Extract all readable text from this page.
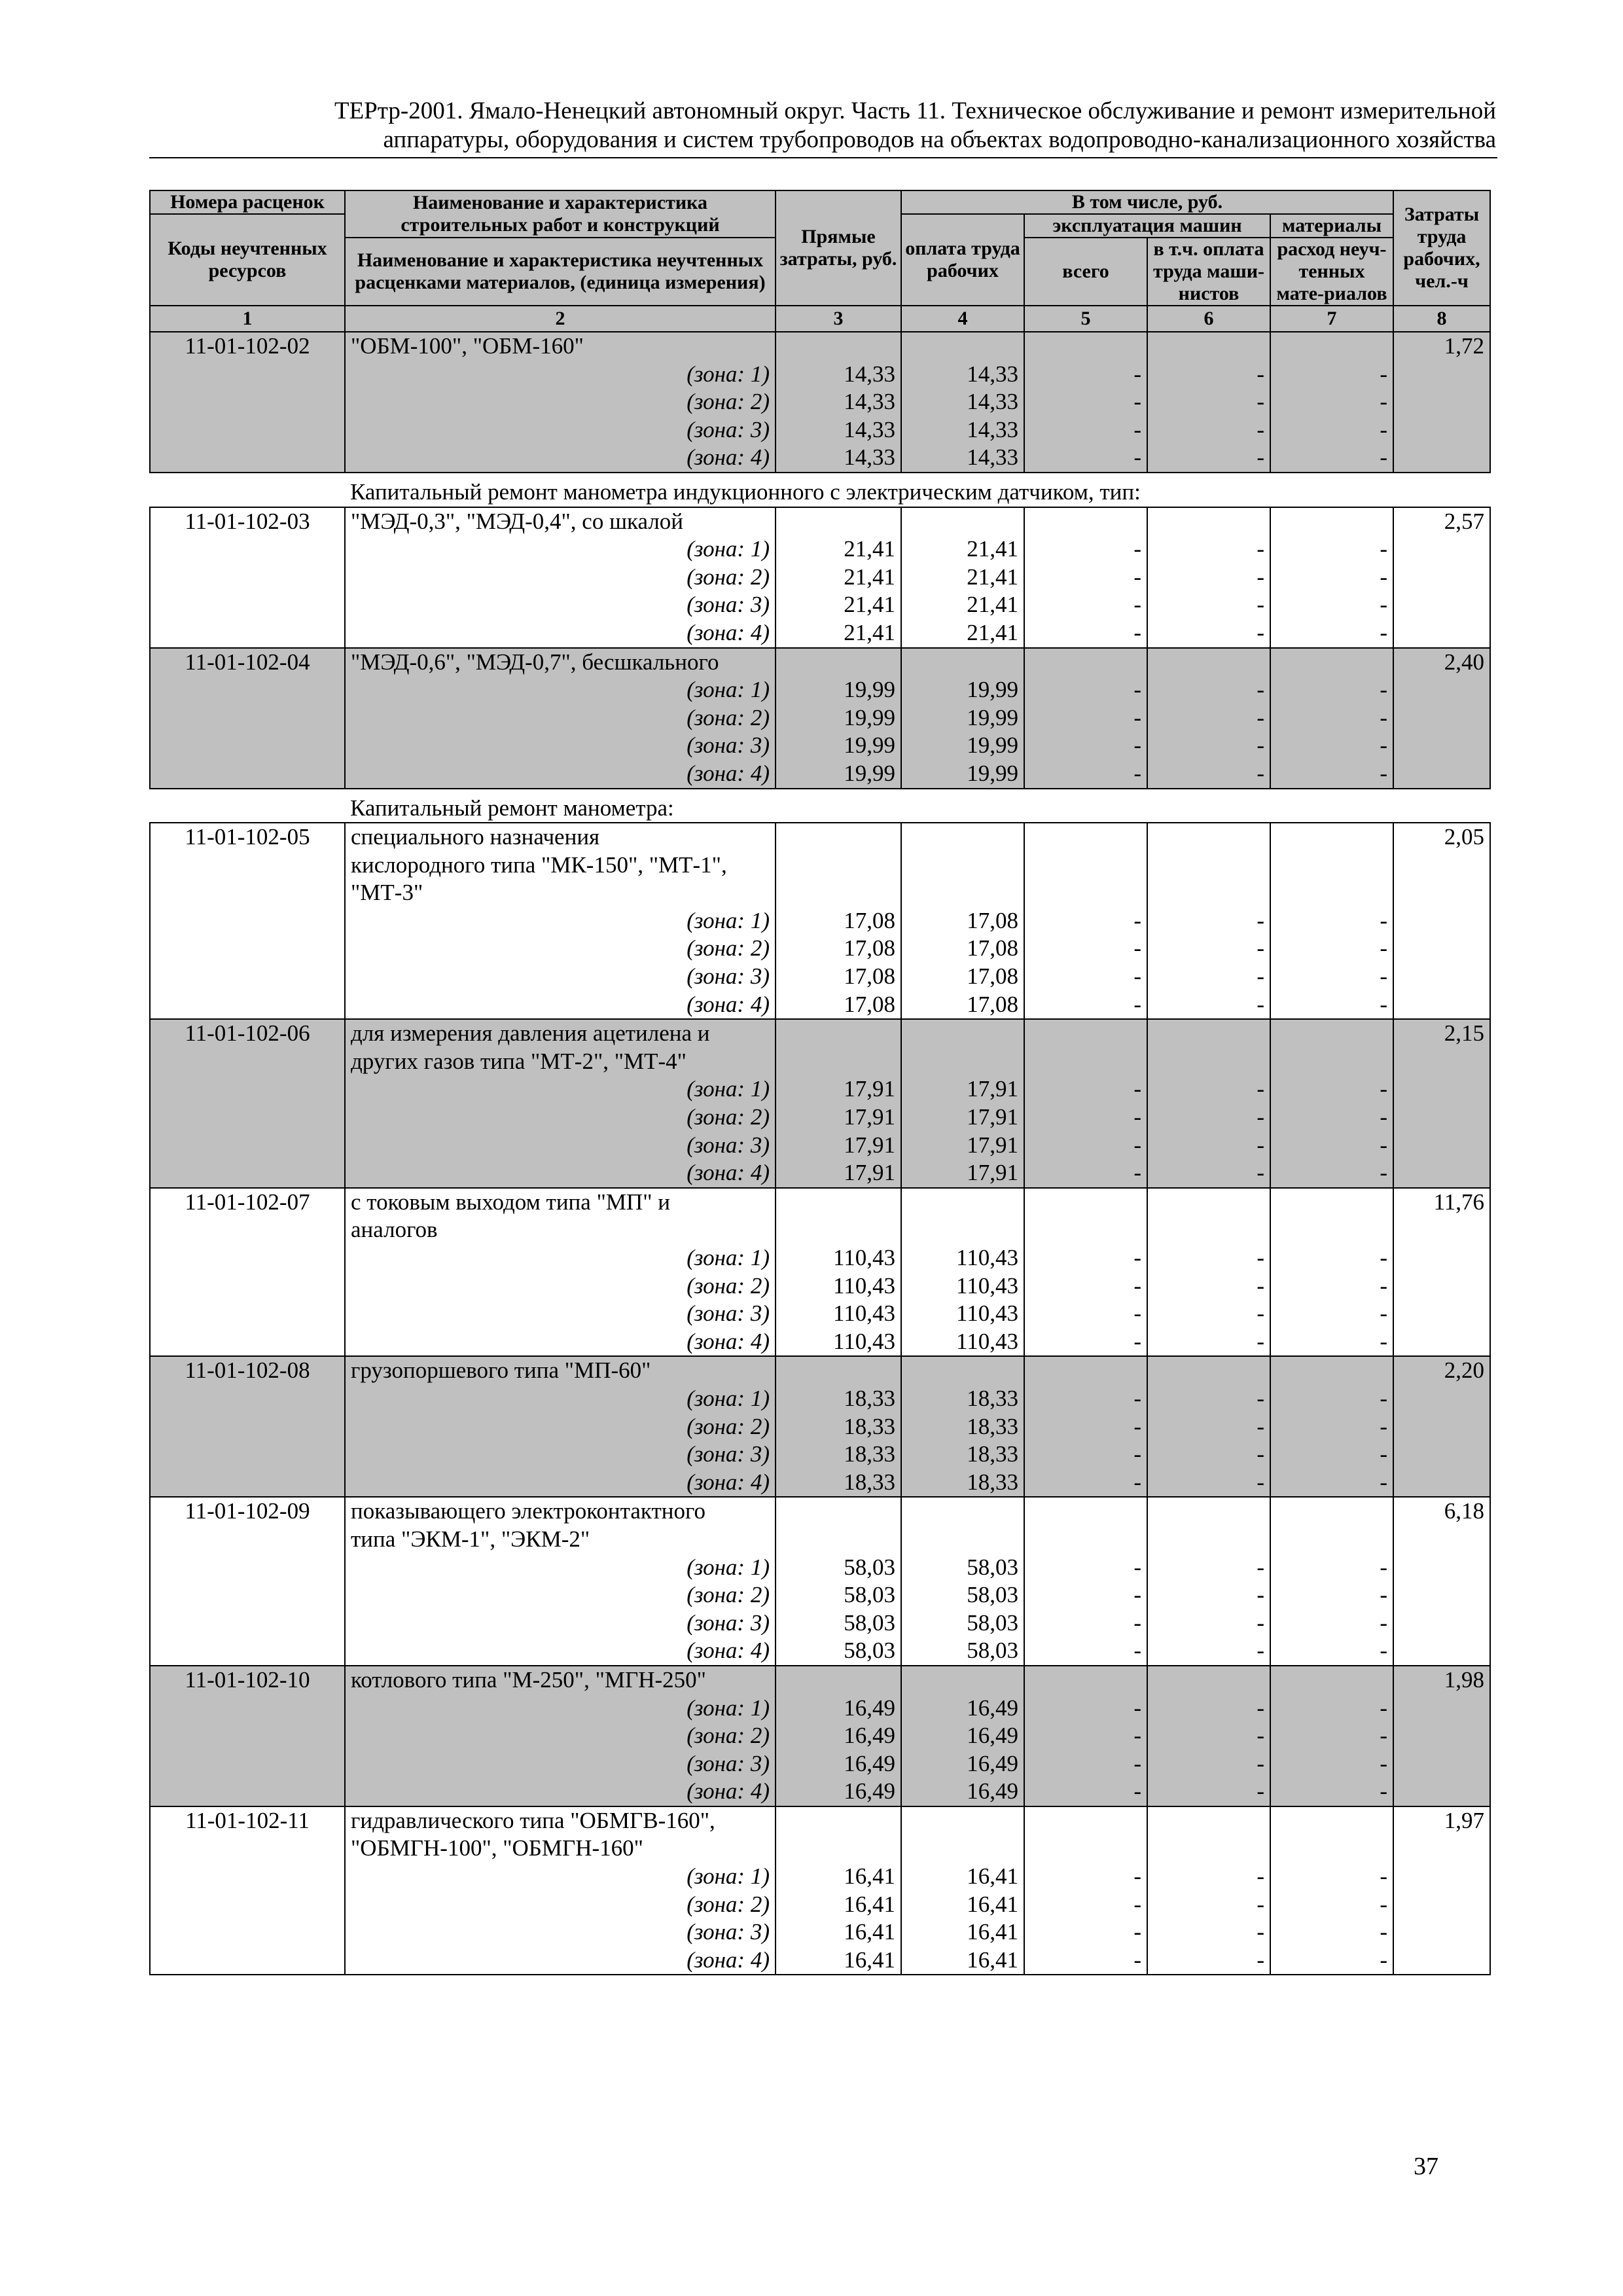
ТЕРтр-2001. Ямало-Ненецкий автономный округ. Часть 11. Техническое обслуживание и ремонт измерительной
аппаратуры, оборудования и систем трубопроводов на объектах водопроводно-канализационного хозяйства
Номера расценок	Наименование и характеристика строительных работ и конструкций	Прямые затраты, руб.	В том числе, руб.				Затраты труда рабочих, чел.-ч
Коды неучтенных ресурсов			оплата труда рабочих	эксплуатация машин		материалы	
	Наименование и характеристика неучтенных расценками материалов, (единица измерения)			всего	в т.ч. оплата труда маши-нистов	расход неуч-тенных мате-риалов	

1	2	3	4	5	6	7	8
11-01-102-02	"ОБМ-100", "ОБМ-160"						1,72
	(зона: 1)	14,33	14,33	-	-	-	
	(зона: 2)	14,33	14,33	-	-	-	
	(зона: 3)	14,33	14,33	-	-	-	
	(зона: 4)	14,33	14,33	-	-	-	
	Капитальный ремонт манометра индукционного с электрическим датчиком, тип:						
11-01-102-03	"МЭД-0,3", "МЭД-0,4", со шкалой						2,57
	(зона: 1)	21,41	21,41	-	-	-	
	(зона: 2)	21,41	21,41	-	-	-	
	(зона: 3)	21,41	21,41	-	-	-	
	(зона: 4)	21,41	21,41	-	-	-	
11-01-102-04	"МЭД-0,6", "МЭД-0,7", бесшкального						2,40
	(зона: 1)	19,99	19,99	-	-	-	
	(зона: 2)	19,99	19,99	-	-	-	
	(зона: 3)	19,99	19,99	-	-	-	
	(зона: 4)	19,99	19,99	-	-	-	
	Капитальный ремонт манометра:						
11-01-102-05	специального назначения						2,05
	кислородного типа "МК-150", "МТ-1",						
	"МТ-3"						
	(зона: 1)	17,08	17,08	-	-	-	
	(зона: 2)	17,08	17,08	-	-	-	
	(зона: 3)	17,08	17,08	-	-	-	
	(зона: 4)	17,08	17,08	-	-	-	
11-01-102-06	для измерения давления ацетилена и						2,15
	других газов типа "МТ-2", "МТ-4"						
	(зона: 1)	17,91	17,91	-	-	-	
	(зона: 2)	17,91	17,91	-	-	-	
	(зона: 3)	17,91	17,91	-	-	-	
	(зона: 4)	17,91	17,91	-	-	-	
11-01-102-07	с токовым выходом типа "МП" и						11,76
	аналогов						
	(зона: 1)	110,43	110,43	-	-	-	
	(зона: 2)	110,43	110,43	-	-	-	
	(зона: 3)	110,43	110,43	-	-	-	
	(зона: 4)	110,43	110,43	-	-	-	
11-01-102-08	грузопоршевого типа "МП-60"						2,20
	(зона: 1)	18,33	18,33	-	-	-	
	(зона: 2)	18,33	18,33	-	-	-	
	(зона: 3)	18,33	18,33	-	-	-	
	(зона: 4)	18,33	18,33	-	-	-	
11-01-102-09	показывающего электроконтактного						6,18
	типа "ЭКМ-1", "ЭКМ-2"						
	(зона: 1)	58,03	58,03	-	-	-	
	(зона: 2)	58,03	58,03	-	-	-	
	(зона: 3)	58,03	58,03	-	-	-	
	(зона: 4)	58,03	58,03	-	-	-	
11-01-102-10	котлового типа "М-250", "МГН-250"						1,98
	(зона: 1)	16,49	16,49	-	-	-	
	(зона: 2)	16,49	16,49	-	-	-	
	(зона: 3)	16,49	16,49	-	-	-	
	(зона: 4)	16,49	16,49	-	-	-	
11-01-102-11	гидравлического типа "ОБМГВ-160",						1,97
	"ОБМГН-100", "ОБМГН-160"						
	(зона: 1)	16,41	16,41	-	-	-	
	(зона: 2)	16,41	16,41	-	-	-	
	(зона: 3)	16,41	16,41	-	-	-	
	(зона: 4)	16,41	16,41	-	-	-	
37
